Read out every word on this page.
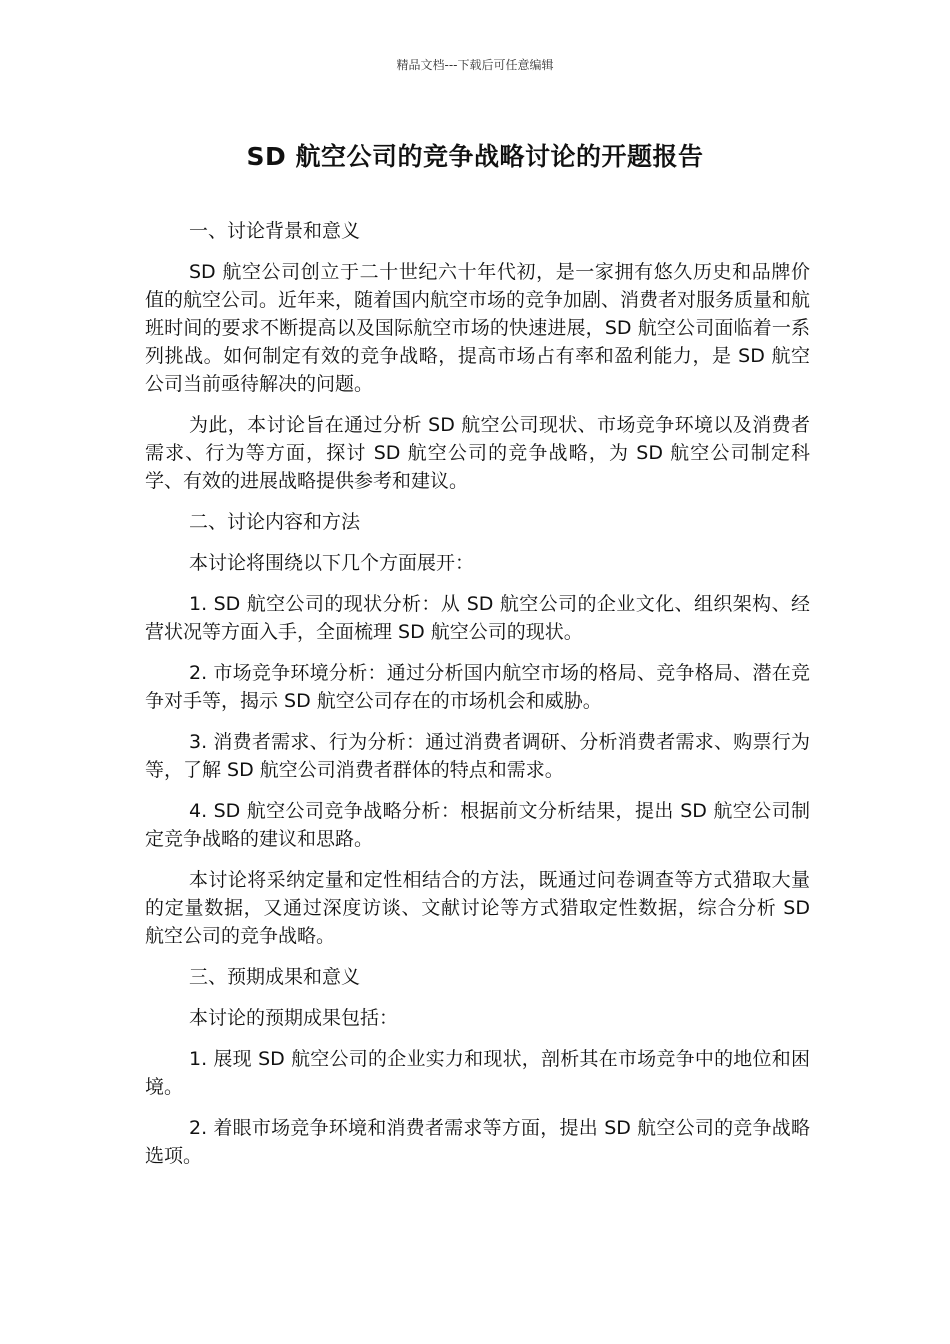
精品文档---下载后可任意编辑
SD 航空公司的竞争战略讨论的开题报告

一、讨论背景和意义

SD 航空公司创立于二十世纪六十年代初，是一家拥有悠久历史和品牌价值的航空公司。近年来，随着国内航空市场的竞争加剧、消费者对服务质量和航班时间的要求不断提高以及国际航空市场的快速进展，SD 航空公司面临着一系列挑战。如何制定有效的竞争战略，提高市场占有率和盈利能力，是 SD 航空公司当前亟待解决的问题。

为此，本讨论旨在通过分析 SD 航空公司现状、市场竞争环境以及消费者需求、行为等方面，探讨 SD 航空公司的竞争战略，为 SD 航空公司制定科学、有效的进展战略提供参考和建议。

二、讨论内容和方法

本讨论将围绕以下几个方面展开：

1. SD 航空公司的现状分析：从 SD 航空公司的企业文化、组织架构、经营状况等方面入手，全面梳理 SD 航空公司的现状。

2. 市场竞争环境分析：通过分析国内航空市场的格局、竞争格局、潜在竞争对手等，揭示 SD 航空公司存在的市场机会和威胁。

3. 消费者需求、行为分析：通过消费者调研、分析消费者需求、购票行为等，了解 SD 航空公司消费者群体的特点和需求。

4. SD 航空公司竞争战略分析：根据前文分析结果，提出 SD 航空公司制定竞争战略的建议和思路。

本讨论将采纳定量和定性相结合的方法，既通过问卷调查等方式猎取大量的定量数据，又通过深度访谈、文献讨论等方式猎取定性数据，综合分析 SD 航空公司的竞争战略。

三、预期成果和意义

本讨论的预期成果包括：

1. 展现 SD 航空公司的企业实力和现状，剖析其在市场竞争中的地位和困境。

2. 着眼市场竞争环境和消费者需求等方面，提出 SD 航空公司的竞争战略选项。
